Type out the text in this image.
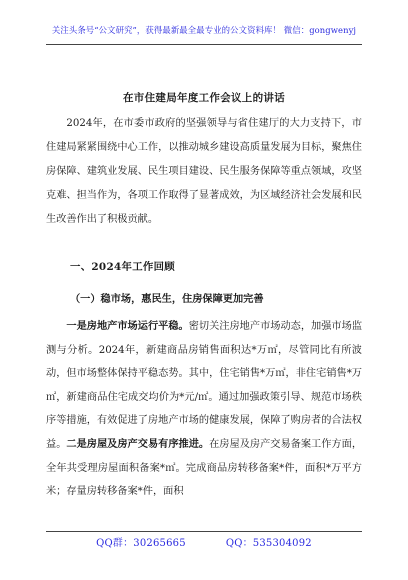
关注头条号“公文研究”，获得最新最全最专业的公文资料库！ 微信：gongwenyj
在市住建局年度工作会议上的讲话

2024年，在市委市政府的坚强领导与省住建厅的大力支持下，市住建局紧紧围绕中心工作，以推动城乡建设高质量发展为目标，聚焦住房保障、建筑业发展、民生项目建设、民生服务保障等重点领域，攻坚克难、担当作为，各项工作取得了显著成效，为区域经济社会发展和民生改善作出了积极贡献。

一、2024年工作回顾
（一）稳市场，惠民生，住房保障更加完善

一是房地产市场运行平稳。密切关注房地产市场动态，加强市场监测与分析。2024年，新建商品房销售面积达*万㎡，尽管同比有所波动，但市场整体保持平稳态势。其中，住宅销售*万㎡，非住宅销售*万㎡，新建商品住宅成交均价为*元/㎡。通过加强政策引导、规范市场秩序等措施，有效促进了房地产市场的健康发展，保障了购房者的合法权益。二是房屋及房产交易有序推进。在房屋及房产交易备案工作方面，全年共受理房屋面积备案*㎡。完成商品房转移备案*件，面积*万平方米；存量房转移备案*件，面积

QQ群：30265665	QQ：535304092
